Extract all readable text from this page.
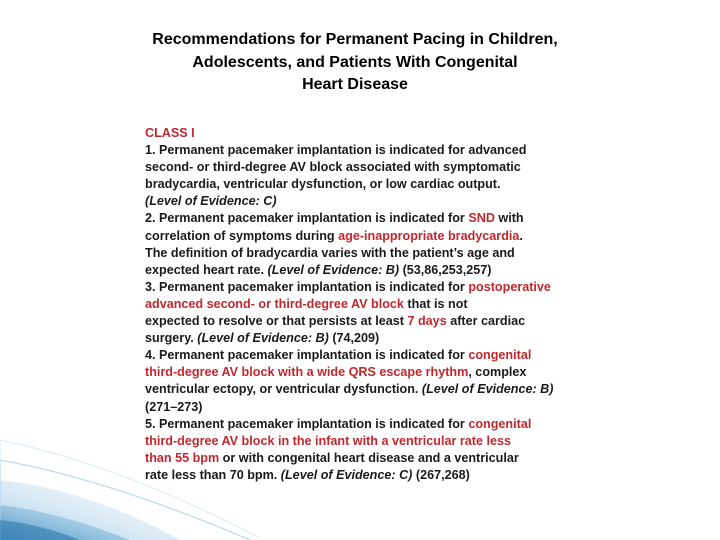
Recommendations for Permanent Pacing in Children,
Adolescents, and Patients With Congenital
Heart Disease
CLASS I
1. Permanent pacemaker implantation is indicated for advanced
second- or third-degree AV block associated with symptomatic
bradycardia, ventricular dysfunction, or low cardiac output.
(Level of Evidence: C)
2. Permanent pacemaker implantation is indicated for SND with
correlation of symptoms during age-inappropriate bradycardia.
The definition of bradycardia varies with the patient’s age and
expected heart rate. (Level of Evidence: B) (53,86,253,257)
3. Permanent pacemaker implantation is indicated for postoperative
advanced second- or third-degree AV block that is not
expected to resolve or that persists at least 7 days after cardiac
surgery. (Level of Evidence: B) (74,209)
4. Permanent pacemaker implantation is indicated for congenital
third-degree AV block with a wide QRS escape rhythm, complex
ventricular ectopy, or ventricular dysfunction. (Level of Evidence: B)
(271–273)
5. Permanent pacemaker implantation is indicated for congenital
third-degree AV block in the infant with a ventricular rate less
than 55 bpm or with congenital heart disease and a ventricular
rate less than 70 bpm. (Level of Evidence: C) (267,268)
